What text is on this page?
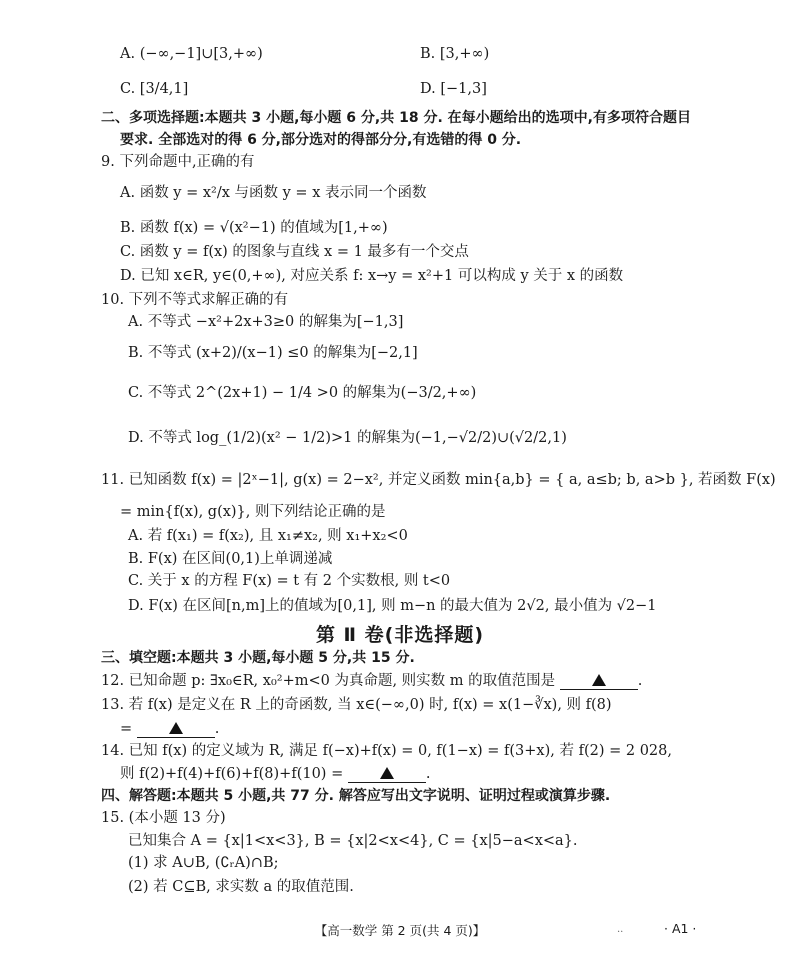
A. (−∞,−1]∪[3,+∞)	B. [3,+∞)
C. [3/4,1]	D. [−1,3]
二、多项选择题:本题共 3 小题,每小题 6 分,共 18 分. 在每小题给出的选项中,有多项符合题目
要求. 全部选对的得 6 分,部分选对的得部分分,有选错的得 0 分.
9. 下列命题中,正确的有
A. 函数 y = x²/x 与函数 y = x 表示同一个函数
B. 函数 f(x) = √(x²−1) 的值域为[1,+∞)
C. 函数 y = f(x) 的图象与直线 x = 1 最多有一个交点
D. 已知 x∈R, y∈(0,+∞), 对应关系 f: x→y = x²+1 可以构成 y 关于 x 的函数
10. 下列不等式求解正确的有
A. 不等式 −x²+2x+3≥0 的解集为[−1,3]
B. 不等式 (x+2)/(x−1) ≤0 的解集为[−2,1]
C. 不等式 2^(2x+1) − 1/4 >0 的解集为(−3/2,+∞)
D. 不等式 log_(1/2)(x² − 1/2)>1 的解集为(−1,−√2/2)∪(√2/2,1)
11. 已知函数 f(x) = |2ˣ−1|, g(x) = 2−x², 并定义函数 min{a,b} = { a, a≤b; b, a>b }, 若函数 F(x)
= min{f(x), g(x)}, 则下列结论正确的是
A. 若 f(x₁) = f(x₂), 且 x₁≠x₂, 则 x₁+x₂<0
B. F(x) 在区间(0,1)上单调递减
C. 关于 x 的方程 F(x) = t 有 2 个实数根, 则 t<0
D. F(x) 在区间[n,m]上的值域为[0,1], 则 m−n 的最大值为 2√2, 最小值为 √2−1
第 Ⅱ 卷(非选择题)
三、填空题:本题共 3 小题,每小题 5 分,共 15 分.
12. 已知命题 p: ∃x₀∈R, x₀²+m<0 为真命题, 则实数 m 的取值范围是	.
13. 若 f(x) 是定义在 R 上的奇函数, 当 x∈(−∞,0) 时, f(x) = x(1−∛x), 则 f(8)
=	.
14. 已知 f(x) 的定义域为 R, 满足 f(−x)+f(x) = 0, f(1−x) = f(3+x), 若 f(2) = 2 028,
则 f(2)+f(4)+f(6)+f(8)+f(10) =	.
四、解答题:本题共 5 小题,共 77 分. 解答应写出文字说明、证明过程或演算步骤.
15. (本小题 13 分)
已知集合 A = {x|1<x<3}, B = {x|2<x<4}, C = {x|5−a<x<a}.
(1) 求 A∪B, (∁ᵣA)∩B;
(2) 若 C⊆B, 求实数 a 的取值范围.
【高一数学 第 2 页(共 4 页)】	..	· A1 ·
